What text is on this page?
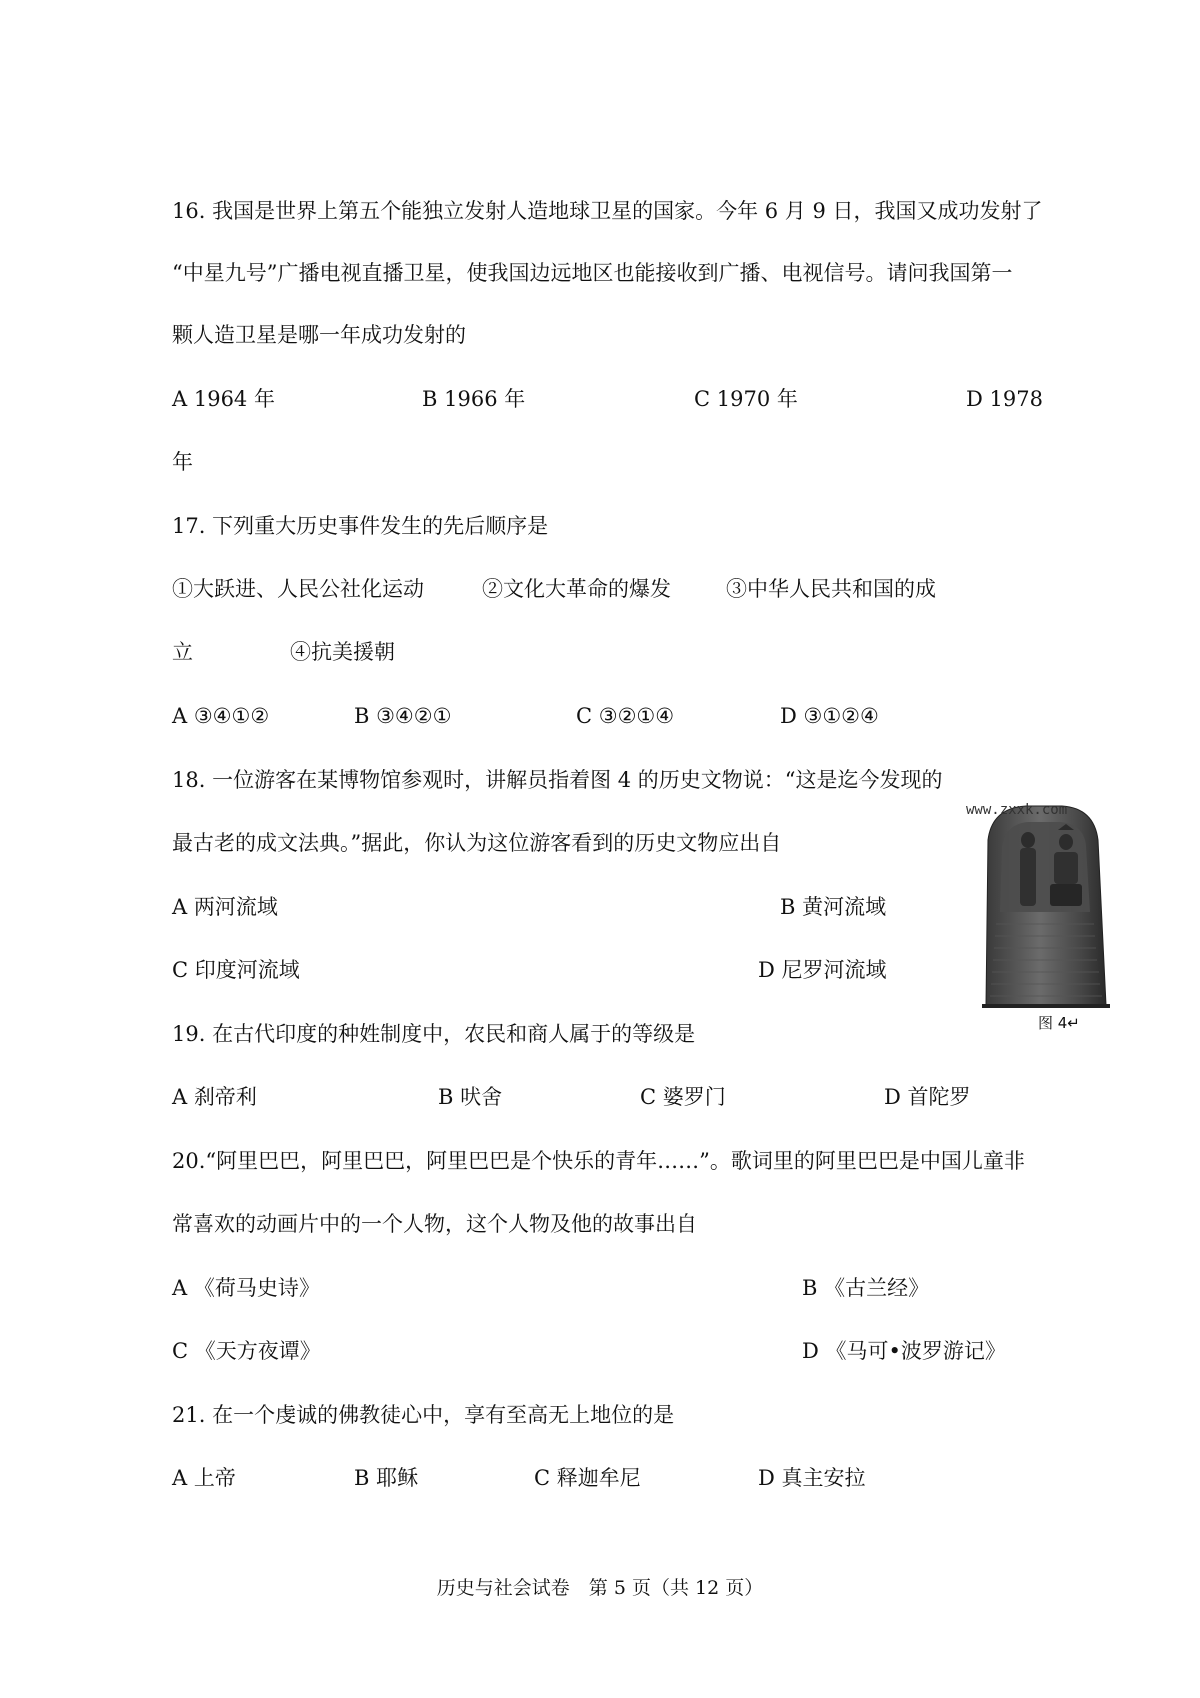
16. 我国是世界上第五个能独立发射人造地球卫星的国家。今年 6 月 9 日，我国又成功发射了
“中星九号”广播电视直播卫星，使我国边远地区也能接收到广播、电视信号。请问我国第一
颗人造卫星是哪一年成功发射的
A 1964 年	B 1966 年	C 1970 年	D 1978
年
17. 下列重大历史事件发生的先后顺序是
①大跃进、人民公社化运动	②文化大革命的爆发	③中华人民共和国的成
立	④抗美援朝
A ③④①②	B ③④②①	C ③②①④	D ③①②④
18. 一位游客在某博物馆参观时，讲解员指着图 4 的历史文物说：“这是迄今发现的
最古老的成文法典。”据此，你认为这位游客看到的历史文物应出自
A 两河流域	B 黄河流域
C 印度河流域	D 尼罗河流域
www.zxxk.com
图 4↵
19. 在古代印度的种姓制度中，农民和商人属于的等级是
A 刹帝利	B 吠舍	C 婆罗门	D 首陀罗
20.“阿里巴巴，阿里巴巴，阿里巴巴是个快乐的青年……”。歌词里的阿里巴巴是中国儿童非
常喜欢的动画片中的一个人物，这个人物及他的故事出自
A 《荷马史诗》	B 《古兰经》
C 《天方夜谭》	D 《马可•波罗游记》
21. 在一个虔诚的佛教徒心中，享有至高无上地位的是
A 上帝	B 耶稣	C 释迦牟尼	D 真主安拉
历史与社会试卷　第 5 页（共 12 页）
